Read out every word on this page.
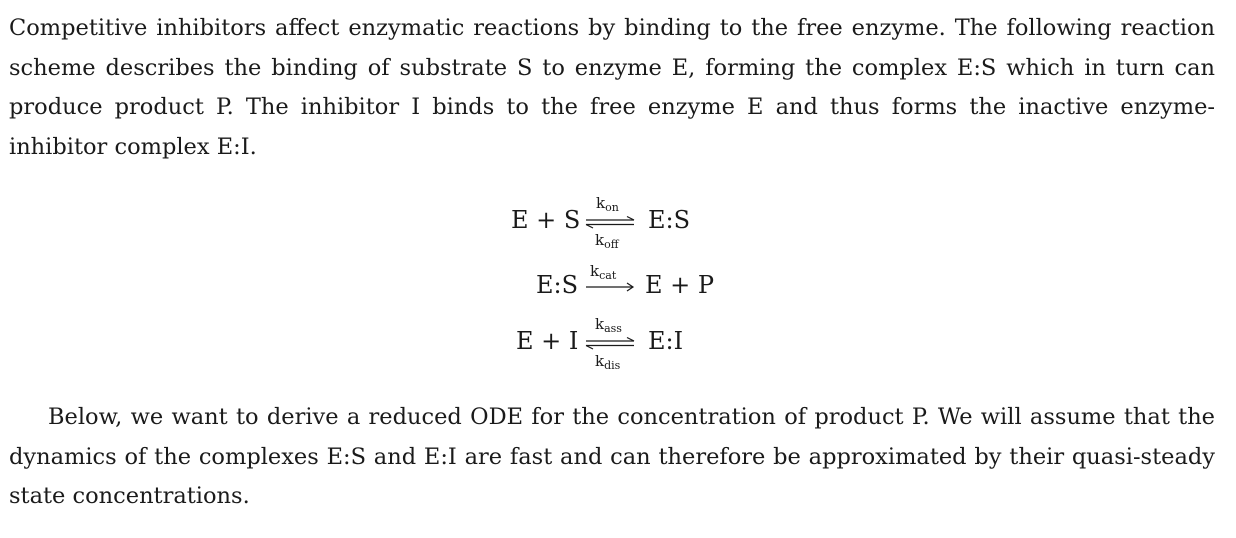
Competitive inhibitors affect enzymatic reactions by binding to the free enzyme. The following reaction scheme describes the binding of substrate S to enzyme E, forming the complex E:S which in turn can produce product P. The inhibitor I binds to the free enzyme E and thus forms the inactive enzyme-inhibitor complex E:I.
E + S
$k_{on}$
$k_{off}$
E:S
E:S $k_{cat}$ E + P
E + I
$k_{ass}$
$k_{dis}$
E:I
Below, we want to derive a reduced ODE for the concentration of product P. We will assume that the dynamics of the complexes E:S and E:I are fast and can therefore be approximated by their quasi-steady state concentrations.
